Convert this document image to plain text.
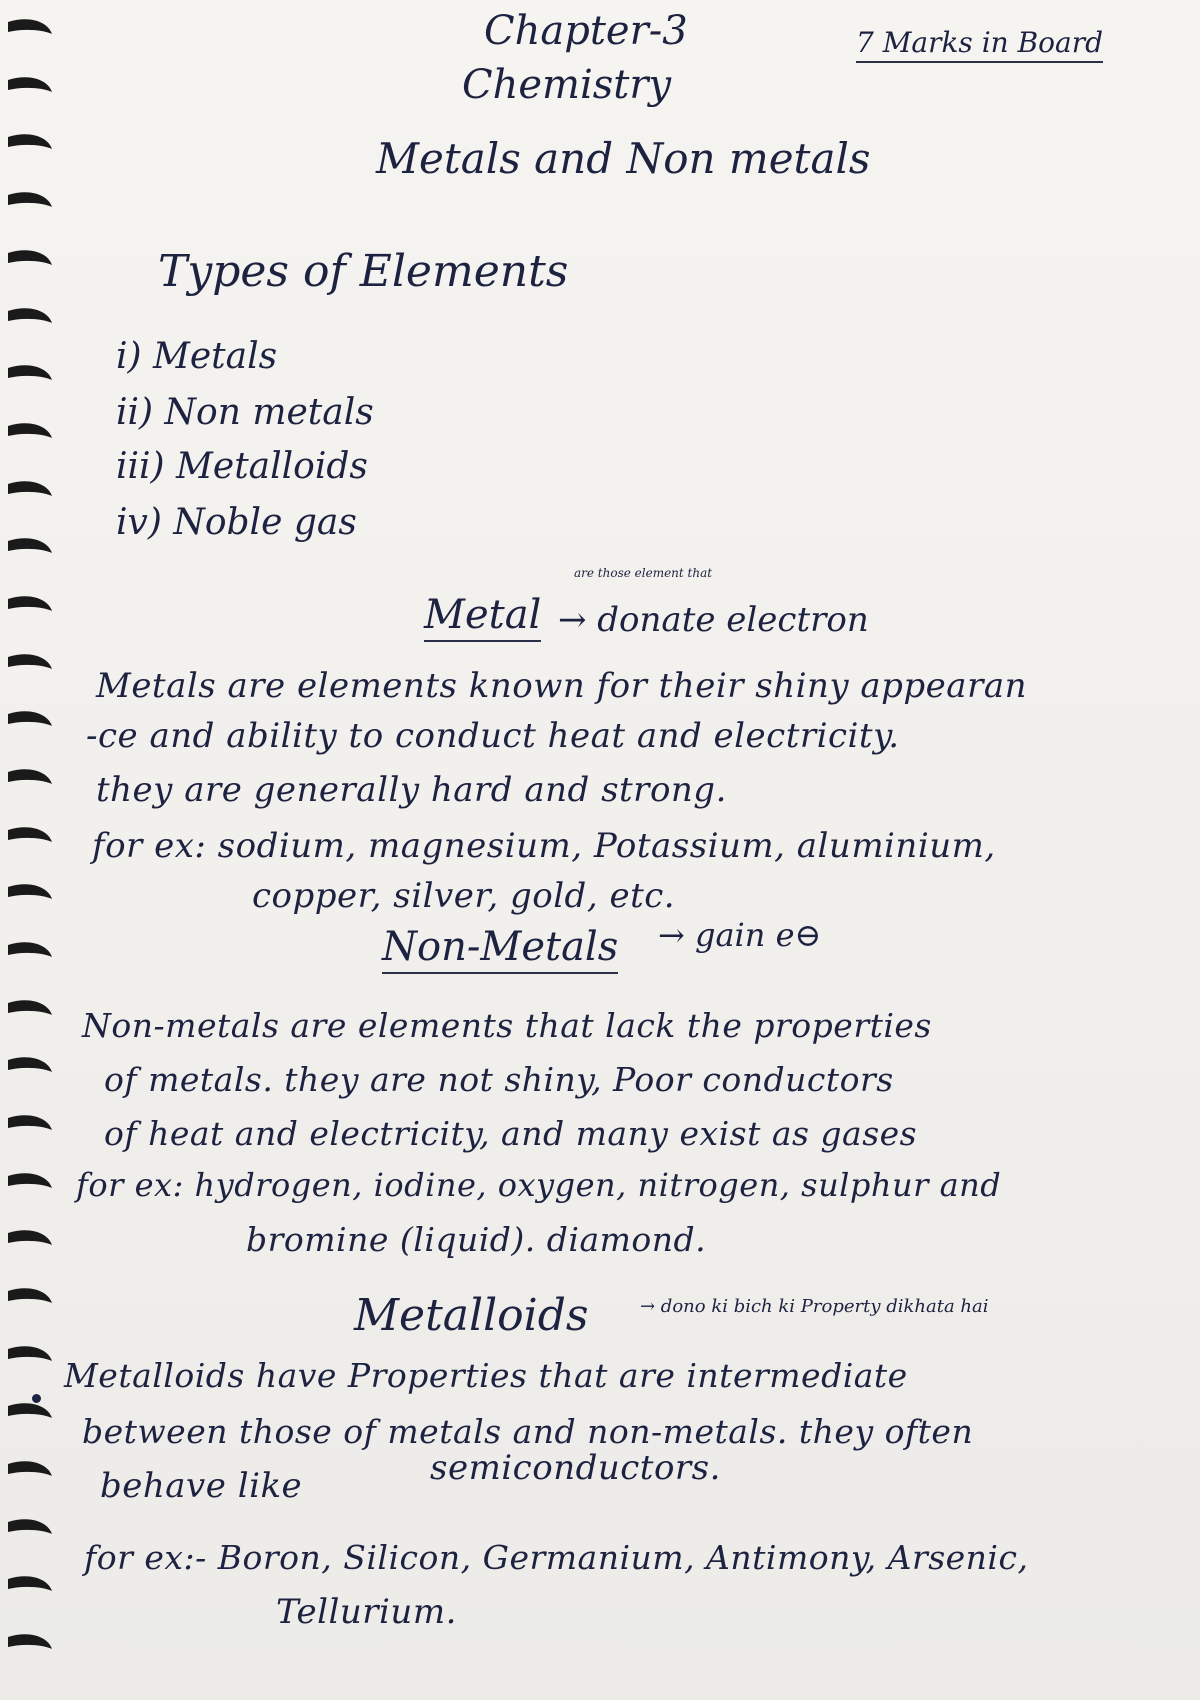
Chapter-3
Chemistry
7 Marks in Board
Metals and Non metals
Types of Elements
i) Metals
ii) Non metals
iii) Metalloids
iv) Noble gas
are those element that
Metal → donate electron
Metals are elements known for their shiny appearan
-ce and ability to conduct heat and electricity.
they are generally hard and strong.
for ex: sodium, magnesium, Potassium, aluminium,
copper, silver, gold, etc.
Non-Metals → gain e⊖
Non-metals are elements that lack the properties
of metals. they are not shiny, Poor conductors
of heat and electricity, and many exist as gases
for ex: hydrogen, iodine, oxygen, nitrogen, sulphur and
bromine (liquid). diamond.
Metalloids	→ dono ki bich ki Property dikhata hai
Metalloids have Properties that are intermediate
between those of metals and non-metals. they often
behave like	semiconductors.
for ex:- Boron, Silicon, Germanium, Antimony, Arsenic,
Tellurium.
